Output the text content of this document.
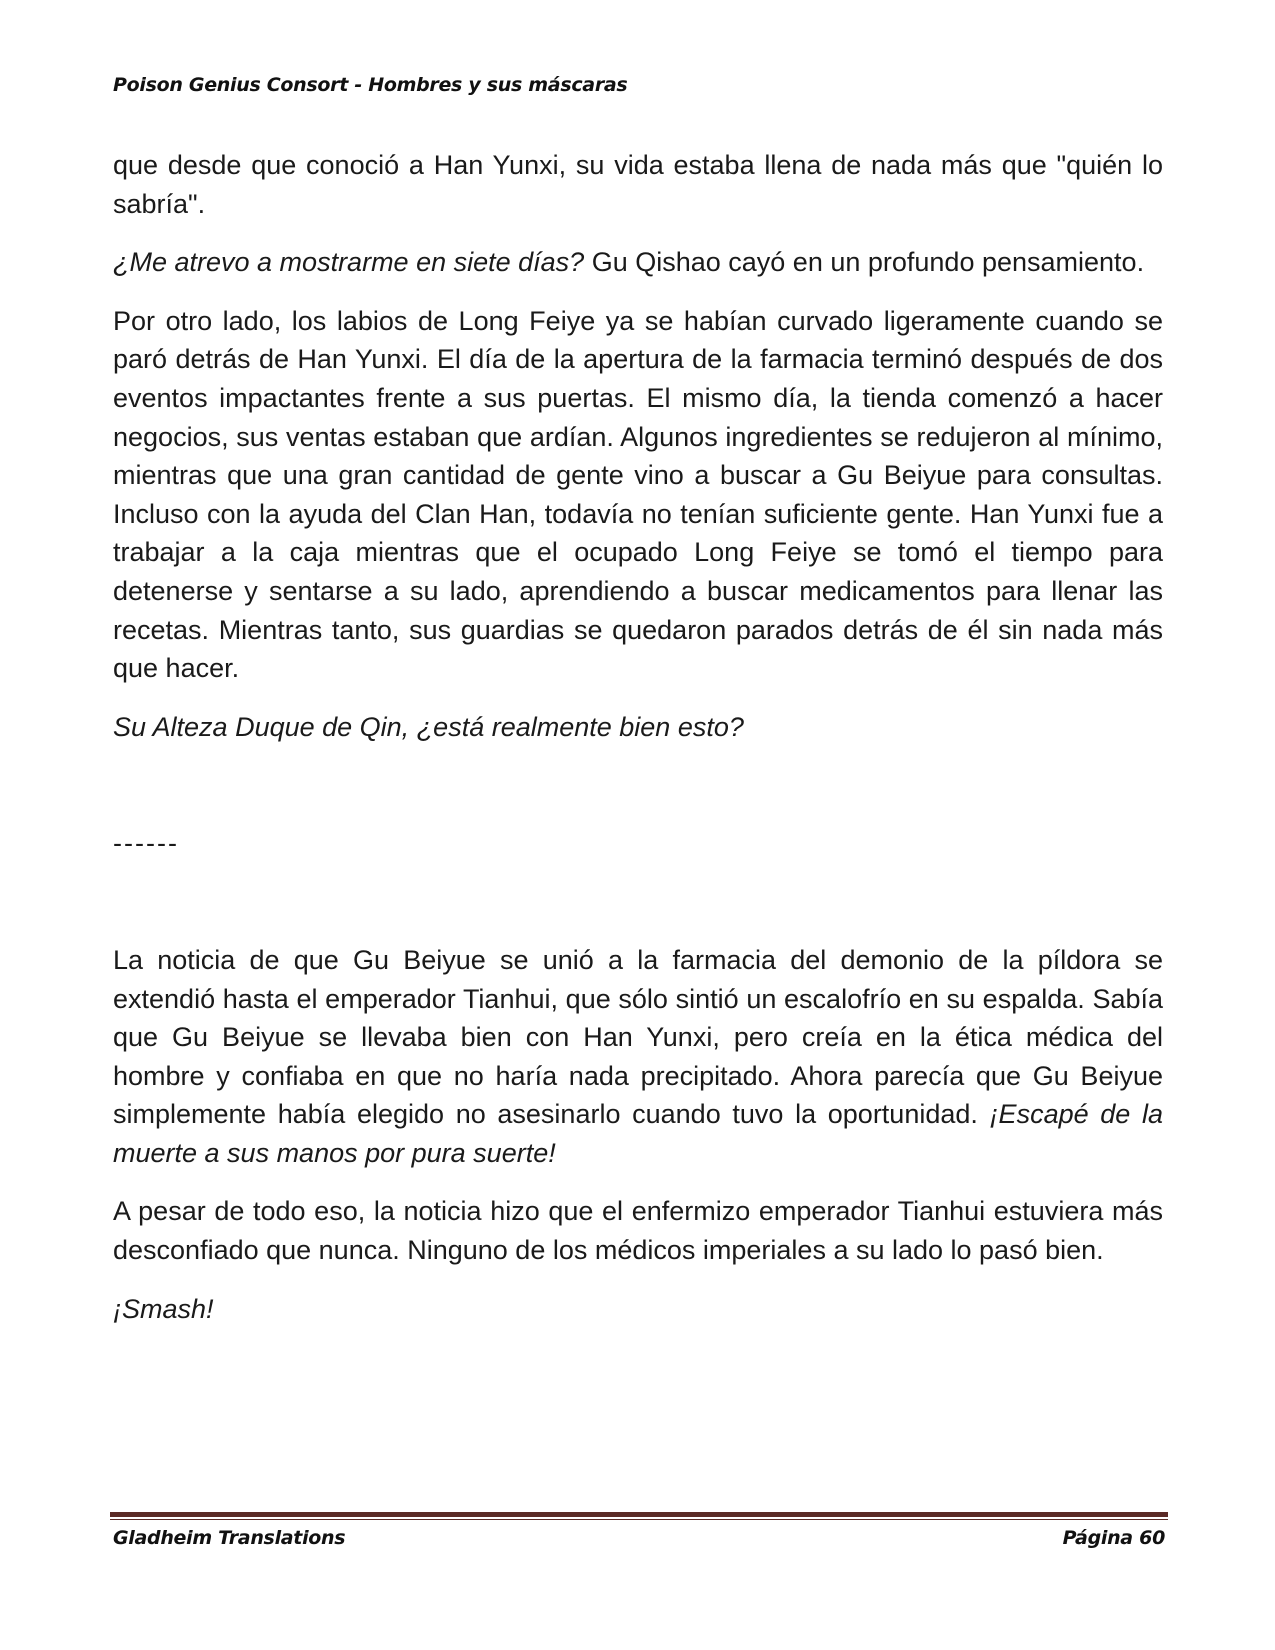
Poison Genius Consort - Hombres y sus máscaras

que desde que conoció a Han Yunxi, su vida estaba llena de nada más que "quién lo sabría".

¿Me atrevo a mostrarme en siete días? Gu Qishao cayó en un profundo pensamiento.

Por otro lado, los labios de Long Feiye ya se habían curvado ligeramente cuando se paró detrás de Han Yunxi. El día de la apertura de la farmacia terminó después de dos eventos impactantes frente a sus puertas. El mismo día, la tienda comenzó a hacer negocios, sus ventas estaban que ardían. Algunos ingredientes se redujeron al mínimo, mientras que una gran cantidad de gente vino a buscar a Gu Beiyue para consultas. Incluso con la ayuda del Clan Han, todavía no tenían suficiente gente. Han Yunxi fue a trabajar a la caja mientras que el ocupado Long Feiye se tomó el tiempo para detenerse y sentarse a su lado, aprendiendo a buscar medicamentos para llenar las recetas. Mientras tanto, sus guardias se quedaron parados detrás de él sin nada más que hacer.

Su Alteza Duque de Qin, ¿está realmente bien esto?

------

La noticia de que Gu Beiyue se unió a la farmacia del demonio de la píldora se extendió hasta el emperador Tianhui, que sólo sintió un escalofrío en su espalda. Sabía que Gu Beiyue se llevaba bien con Han Yunxi, pero creía en la ética médica del hombre y confiaba en que no haría nada precipitado. Ahora parecía que Gu Beiyue simplemente había elegido no asesinarlo cuando tuvo la oportunidad. ¡Escapé de la muerte a sus manos por pura suerte!

A pesar de todo eso, la noticia hizo que el enfermizo emperador Tianhui estuviera más desconfiado que nunca. Ninguno de los médicos imperiales a su lado lo pasó bien.

¡Smash!

Gladheim Translations	Página 60
